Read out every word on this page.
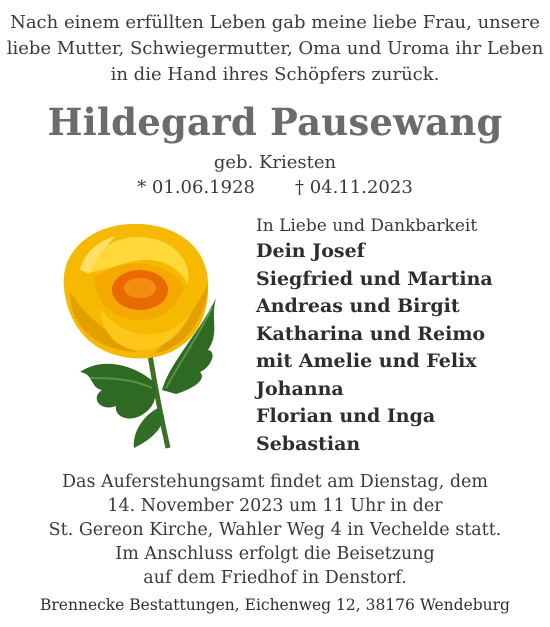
Nach einem erfüllten Leben gab meine liebe Frau, unsere
liebe Mutter, Schwiegermutter, Oma und Uroma ihr Leben
in die Hand ihres Schöpfers zurück.
Hildegard Pausewang
geb. Kriesten
* 01.06.1928 † 04.11.2023
In Liebe und Dankbarkeit
Dein Josef
Siegfried und Martina
Andreas und Birgit
Katharina und Reimo
mit Amelie und Felix
Johanna
Florian und Inga
Sebastian
Das Auferstehungsamt findet am Dienstag, dem
14. November 2023 um 11 Uhr in der
St. Gereon Kirche, Wahler Weg 4 in Vechelde statt.
Im Anschluss erfolgt die Beisetzung
auf dem Friedhof in Denstorf.
Brennecke Bestattungen, Eichenweg 12, 38176 Wendeburg
